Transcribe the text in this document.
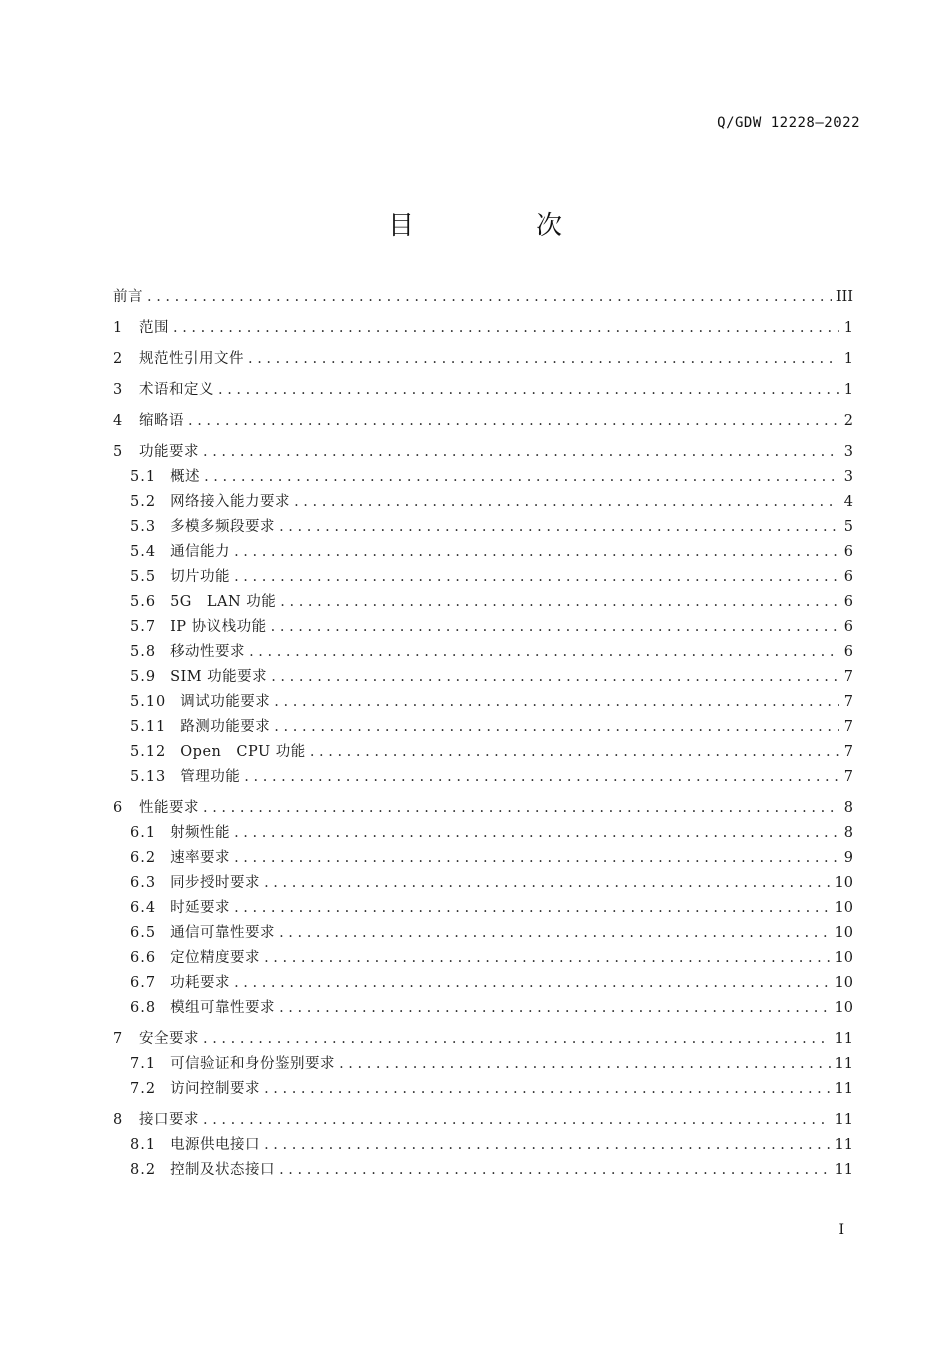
Q/GDW 12228—2022
目　次
前言 . . .	III
1	范围 . . .	1
2	规范性引用文件 . . .	1
3	术语和定义 . . .	1
4	缩略语 . . .	2
5	功能要求 . . .	3
5.1 概述 . . .	3
5.2 网络接入能力要求 . . .	4
5.3 多模多频段要求 . . .	5
5.4 通信能力 . . .	6
5.5 切片功能 . . .	6
5.6 5G　LAN 功能 . . .	6
5.7 IP 协议栈功能 . . .	6
5.8 移动性要求 . . .	6
5.9 SIM 功能要求 . . .	7
5.10 调试功能要求 . . .	7
5.11 路测功能要求 . . .	7
5.12 Open　CPU 功能 . . .	7
5.13 管理功能 . . .	7
6	性能要求 . . .	8
6.1 射频性能 . . .	8
6.2 速率要求 . . .	9
6.3 同步授时要求 . . .	10
6.4 时延要求 . . .	10
6.5 通信可靠性要求 . . .	10
6.6 定位精度要求 . . .	10
6.7 功耗要求 . . .	10
6.8 模组可靠性要求 . . .	10
7	安全要求 . . .	11
7.1 可信验证和身份鉴别要求 . . .	11
7.2 访问控制要求 . . .	11
8	接口要求 . . .	11
8.1 电源供电接口 . . .	11
8.2 控制及状态接口 . . .	11
I
